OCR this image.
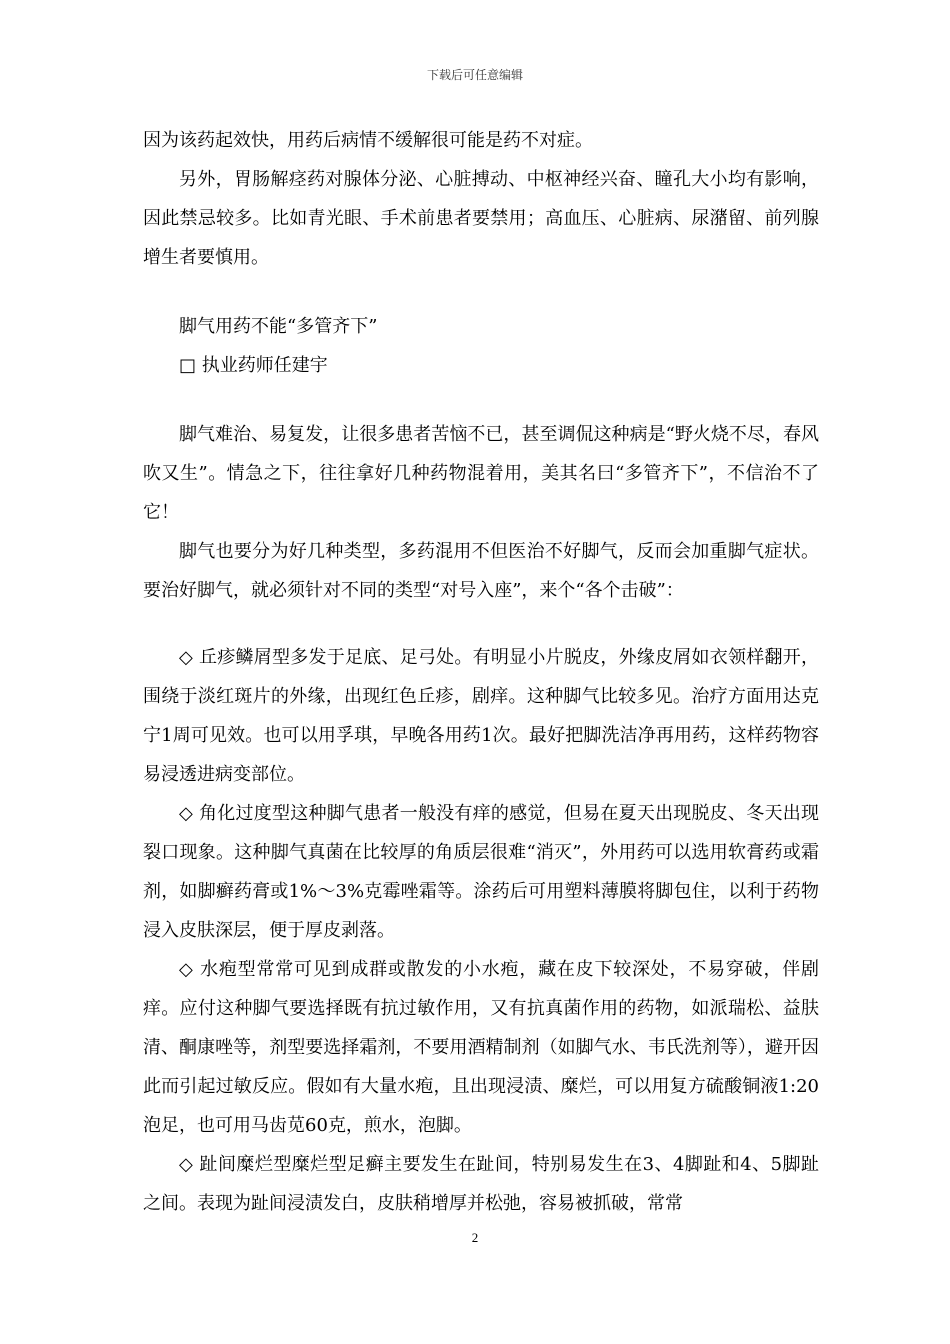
下载后可任意编辑

因为该药起效快，用药后病情不缓解很可能是药不对症。

另外，胃肠解痉药对腺体分泌、心脏搏动、中枢神经兴奋、瞳孔大小均有影响，因此禁忌较多。比如青光眼、手术前患者要禁用；高血压、心脏病、尿潴留、前列腺增生者要慎用。

脚气用药不能“多管齐下”

□ 执业药师任建宇

脚气难治、易复发，让很多患者苦恼不已，甚至调侃这种病是“野火烧不尽，春风吹又生”。情急之下，往往拿好几种药物混着用，美其名曰“多管齐下”，不信治不了它！

脚气也要分为好几种类型，多药混用不但医治不好脚气，反而会加重脚气症状。要治好脚气，就必须针对不同的类型“对号入座”，来个“各个击破”：

◇ 丘疹鳞屑型多发于足底、足弓处。有明显小片脱皮，外缘皮屑如衣领样翻开，围绕于淡红斑片的外缘，出现红色丘疹，剧痒。这种脚气比较多见。治疗方面用达克宁1周可见效。也可以用孚琪，早晚各用药1次。最好把脚洗洁净再用药，这样药物容易浸透进病变部位。

◇ 角化过度型这种脚气患者一般没有痒的感觉，但易在夏天出现脱皮、冬天出现裂口现象。这种脚气真菌在比较厚的角质层很难“消灭”，外用药可以选用软膏药或霜剂，如脚癣药膏或1%～3%克霉唑霜等。涂药后可用塑料薄膜将脚包住，以利于药物浸入皮肤深层，便于厚皮剥落。

◇ 水疱型常常可见到成群或散发的小水疱，藏在皮下较深处，不易穿破，伴剧痒。应付这种脚气要选择既有抗过敏作用，又有抗真菌作用的药物，如派瑞松、益肤清、酮康唑等，剂型要选择霜剂，不要用酒精制剂（如脚气水、韦氏洗剂等），避开因此而引起过敏反应。假如有大量水疱，且出现浸渍、糜烂，可以用复方硫酸铜液1:20泡足，也可用马齿苋60克，煎水，泡脚。

◇ 趾间糜烂型糜烂型足癣主要发生在趾间，特别易发生在3、4脚趾和4、5脚趾之间。表现为趾间浸渍发白，皮肤稍增厚并松弛，容易被抓破，常常

2
